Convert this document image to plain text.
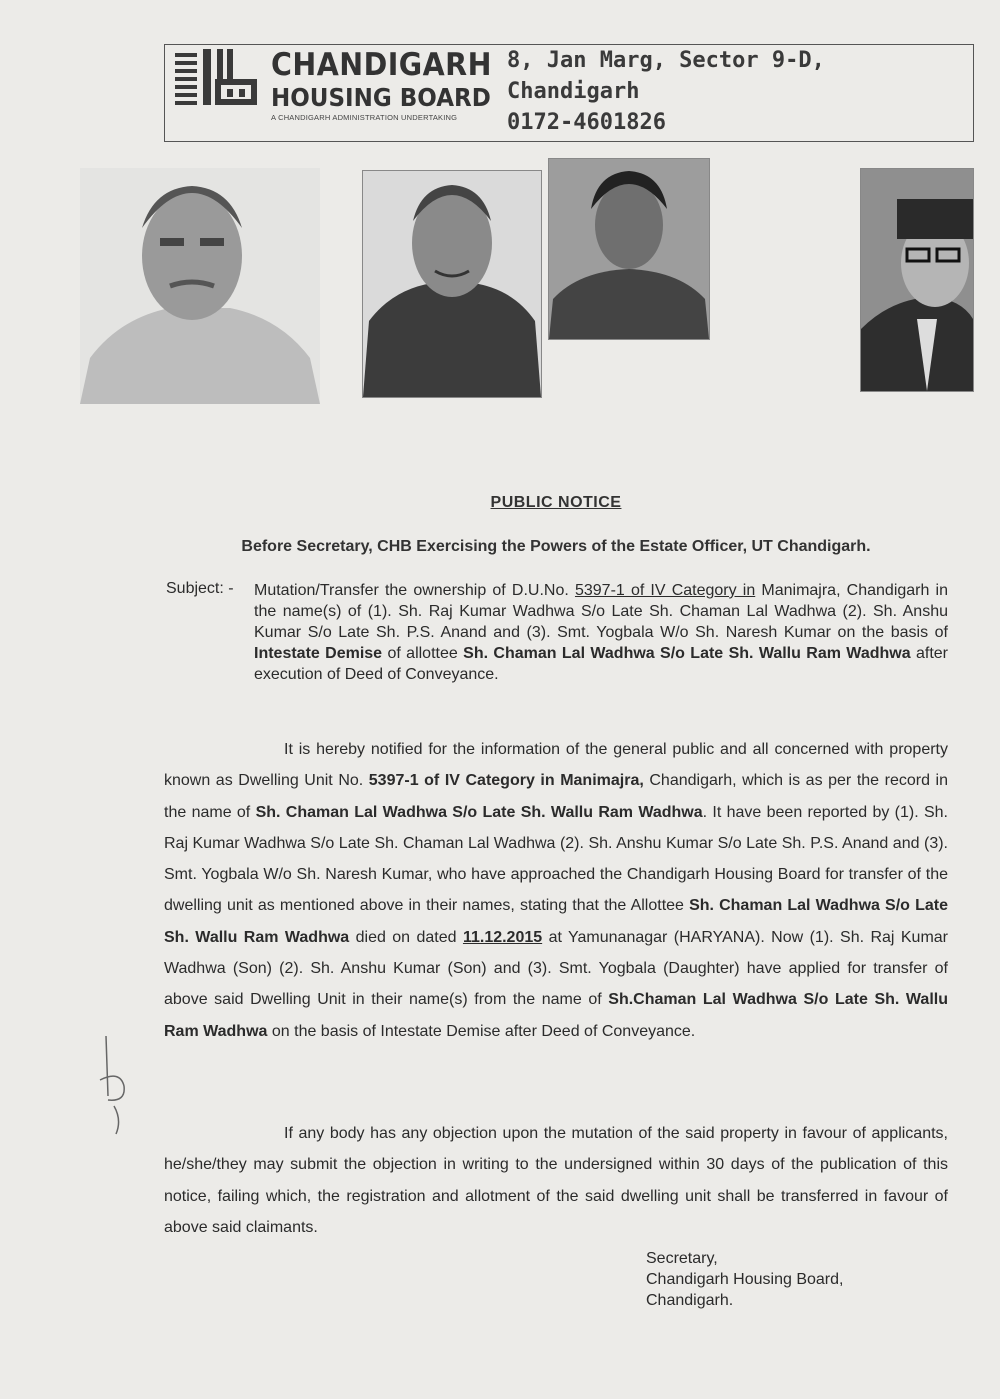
CHANDIGARH
HOUSING BOARD
A CHANDIGARH ADMINISTRATION UNDERTAKING
8, Jan Marg, Sector 9-D,
Chandigarh
0172-4601826
PUBLIC NOTICE
Before Secretary, CHB Exercising the Powers of the Estate Officer, UT Chandigarh.
Subject: - Mutation/Transfer the ownership of D.U.No. 5397-1 of IV Category in Manimajra, Chandigarh in the name(s) of (1). Sh. Raj Kumar Wadhwa S/o Late Sh. Chaman Lal Wadhwa (2). Sh. Anshu Kumar S/o Late Sh. P.S. Anand and (3). Smt. Yogbala W/o Sh. Naresh Kumar on the basis of Intestate Demise of allottee Sh. Chaman Lal Wadhwa S/o Late Sh. Wallu Ram Wadhwa after execution of Deed of Conveyance.
It is hereby notified for the information of the general public and all concerned with property known as Dwelling Unit No. 5397-1 of IV Category in Manimajra, Chandigarh, which is as per the record in the name of Sh. Chaman Lal Wadhwa S/o Late Sh. Wallu Ram Wadhwa. It have been reported by (1). Sh. Raj Kumar Wadhwa S/o Late Sh. Chaman Lal Wadhwa (2). Sh. Anshu Kumar S/o Late Sh. P.S. Anand and (3). Smt. Yogbala W/o Sh. Naresh Kumar, who have approached the Chandigarh Housing Board for transfer of the dwelling unit as mentioned above in their names, stating that the Allottee Sh. Chaman Lal Wadhwa S/o Late Sh. Wallu Ram Wadhwa died on dated 11.12.2015 at Yamunanagar (HARYANA). Now (1). Sh. Raj Kumar Wadhwa (Son) (2). Sh. Anshu Kumar (Son) and (3). Smt. Yogbala (Daughter) have applied for transfer of above said Dwelling Unit in their name(s) from the name of Sh.Chaman Lal Wadhwa S/o Late Sh. Wallu Ram Wadhwa on the basis of Intestate Demise after Deed of Conveyance.
If any body has any objection upon the mutation of the said property in favour of applicants, he/she/they may submit the objection in writing to the undersigned within 30 days of the publication of this notice, failing which, the registration and allotment of the said dwelling unit shall be transferred in favour of above said claimants.
Secretary,
Chandigarh Housing Board,
Chandigarh.
